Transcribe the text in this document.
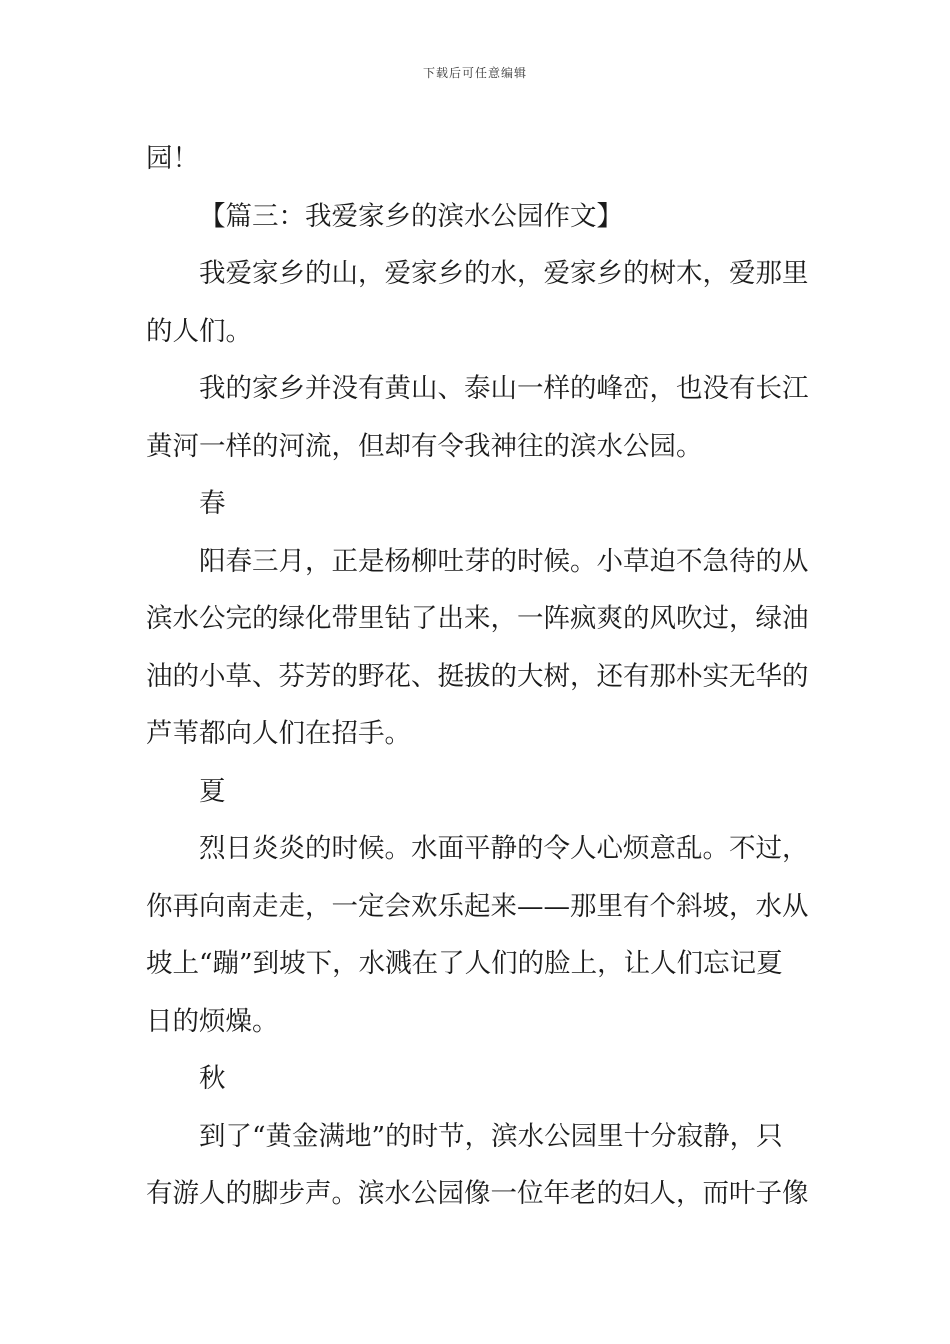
下载后可任意编辑

园！

【篇三：我爱家乡的滨水公园作文】

我爱家乡的山，爱家乡的水，爱家乡的树木，爱那里
的人们。

我的家乡并没有黄山、泰山一样的峰峦，也没有长江
黄河一样的河流，但却有令我神往的滨水公园。

春

阳春三月，正是杨柳吐芽的时候。小草迫不急待的从
滨水公完的绿化带里钻了出来，一阵疯爽的风吹过，绿油
油的小草、芬芳的野花、挺拔的大树，还有那朴实无华的
芦苇都向人们在招手。

夏

烈日炎炎的时候。水面平静的令人心烦意乱。不过，
你再向南走走，一定会欢乐起来——那里有个斜坡，水从
坡上“蹦”到坡下，水溅在了人们的脸上，让人们忘记夏
日的烦燥。

秋

到了“黄金满地”的时节，滨水公园里十分寂静，只
有游人的脚步声。滨水公园像一位年老的妇人，而叶子像
